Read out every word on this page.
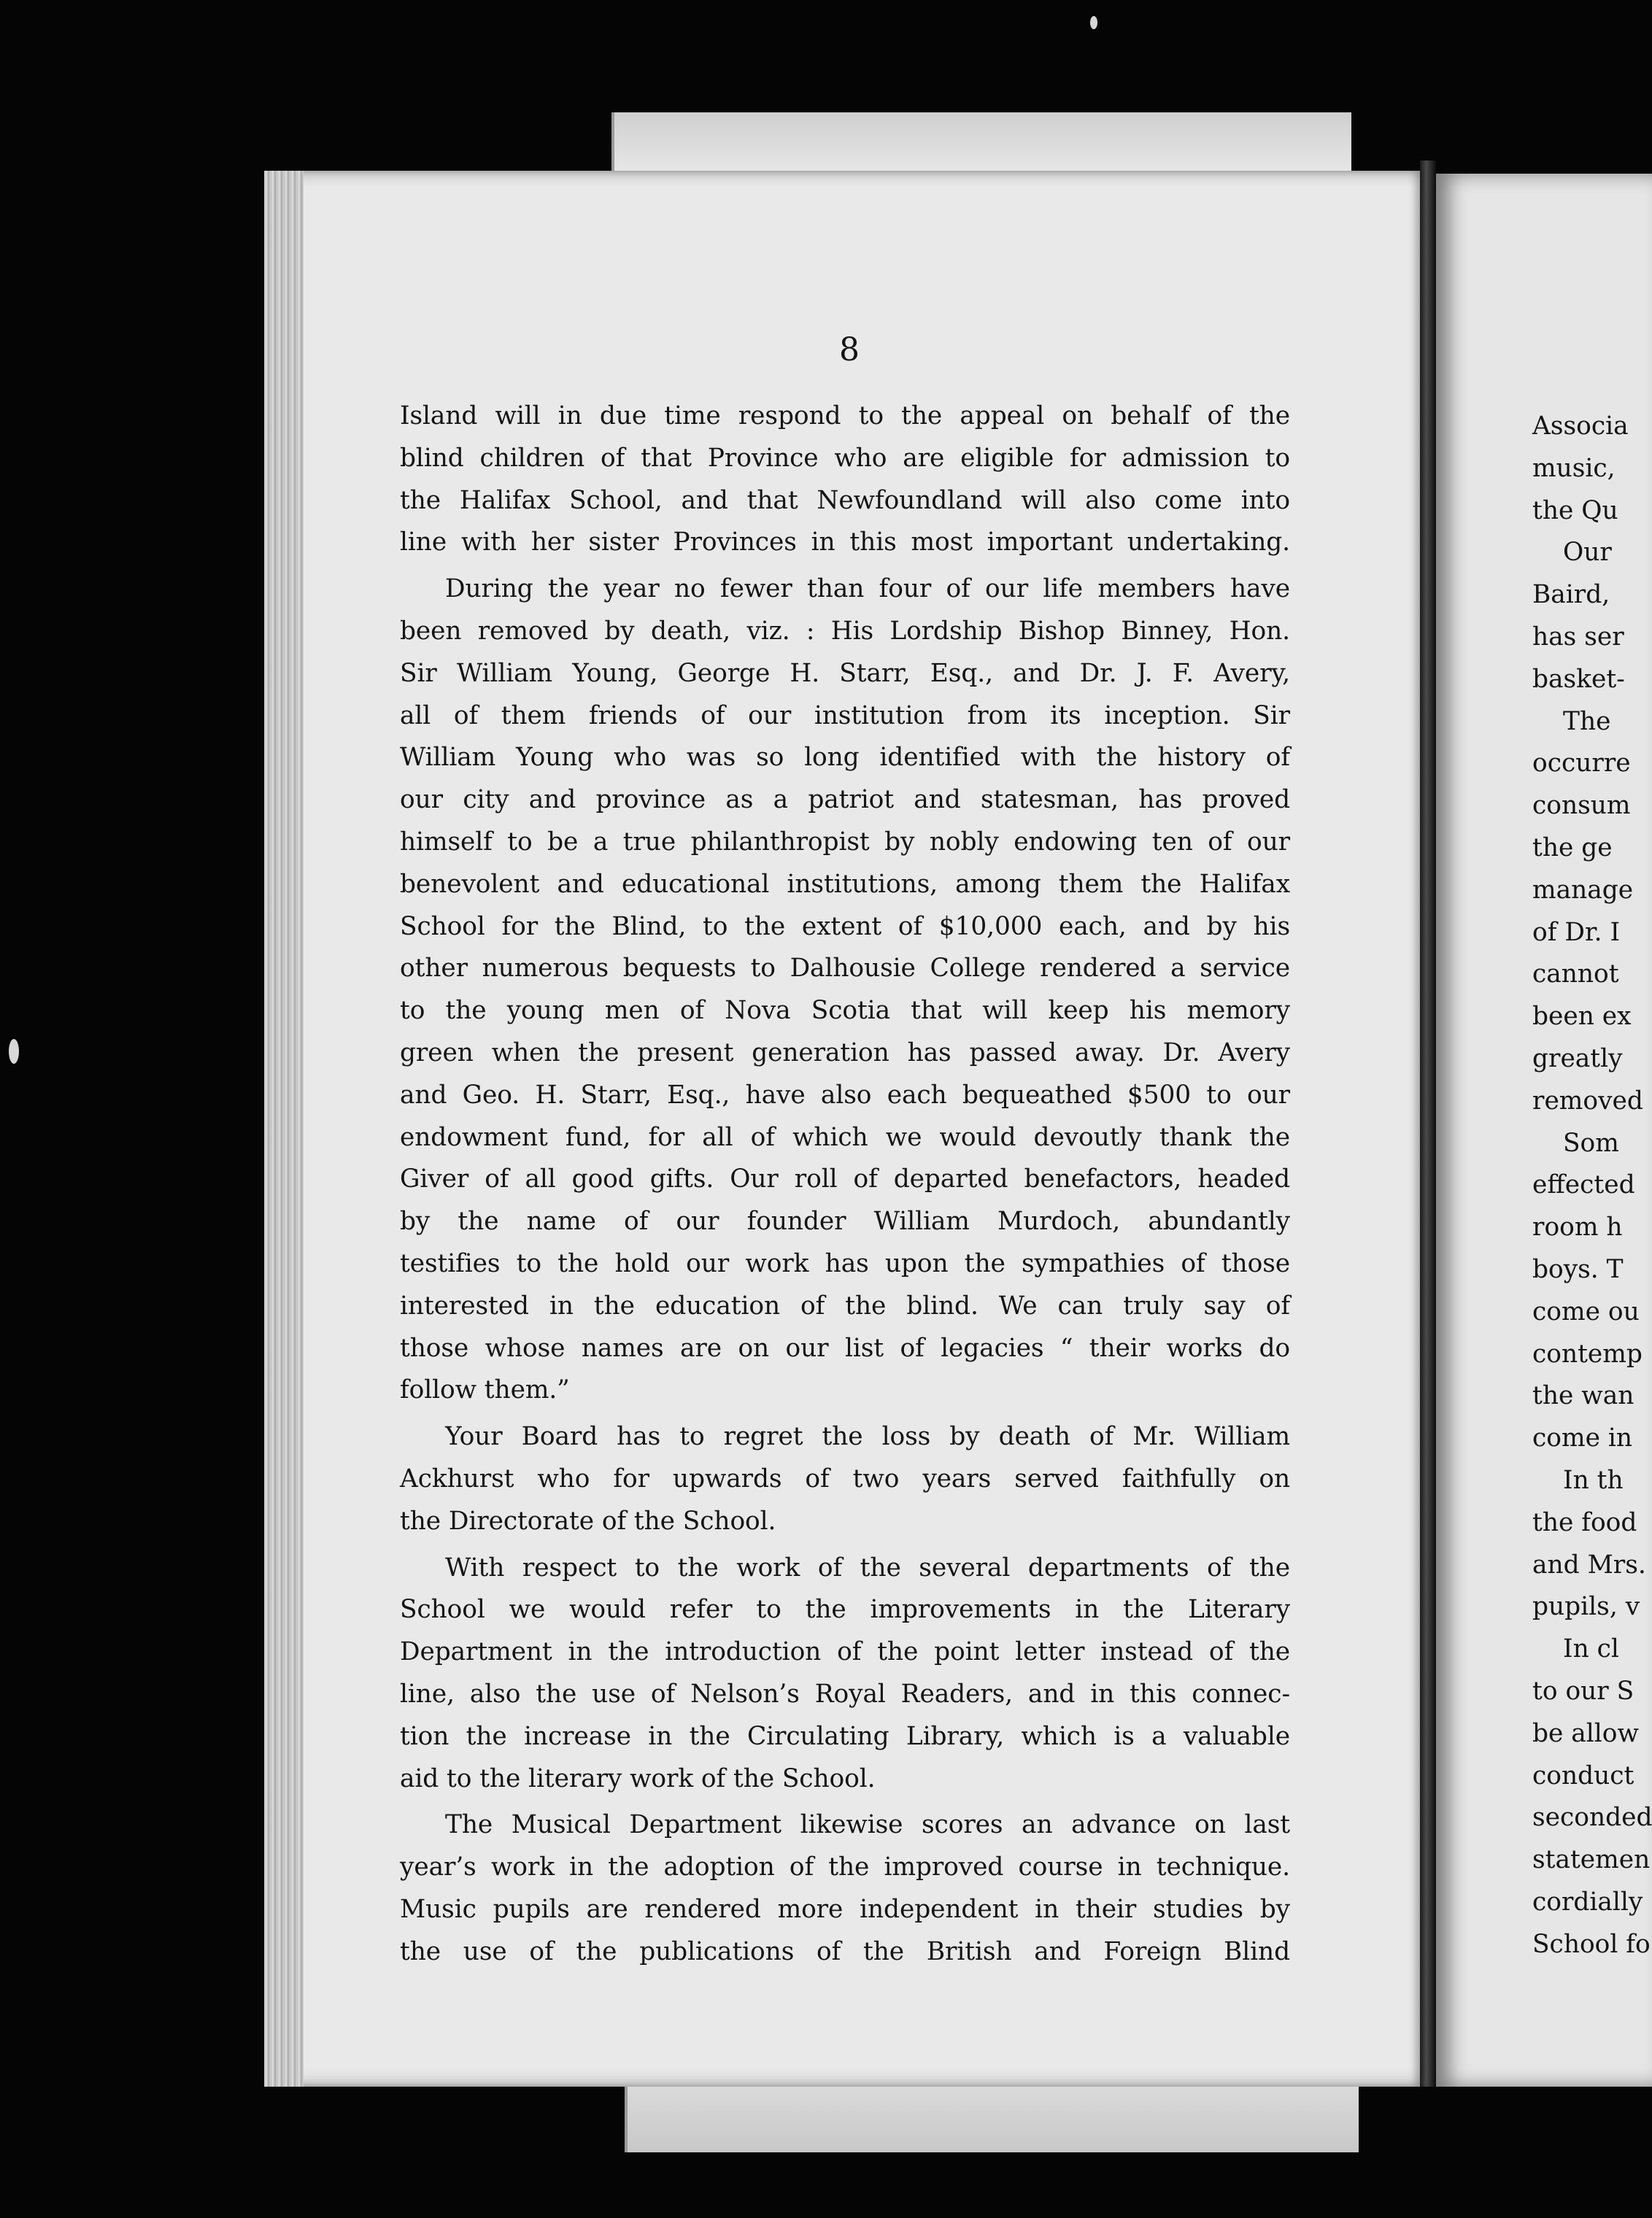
8
Island will in due time respond to the appeal on behalf of the
blind children of that Province who are eligible for admission to
the Halifax School, and that Newfoundland will also come into
line with her sister Provinces in this most important undertaking.
During the year no fewer than four of our life members have
been removed by death, viz. : His Lordship Bishop Binney, Hon.
Sir William Young, George H. Starr, Esq., and Dr. J. F. Avery,
all of them friends of our institution from its inception. Sir
William Young who was so long identified with the history of
our city and province as a patriot and statesman, has proved
himself to be a true philanthropist by nobly endowing ten of our
benevolent and educational institutions, among them the Halifax
School for the Blind, to the extent of $10,000 each, and by his
other numerous bequests to Dalhousie College rendered a service
to the young men of Nova Scotia that will keep his memory
green when the present generation has passed away. Dr. Avery
and Geo. H. Starr, Esq., have also each bequeathed $500 to our
endowment fund, for all of which we would devoutly thank the
Giver of all good gifts. Our roll of departed benefactors, headed
by the name of our founder William Murdoch, abundantly
testifies to the hold our work has upon the sympathies of those
interested in the education of the blind. We can truly say of
those whose names are on our list of legacies “ their works do
follow them.”
Your Board has to regret the loss by death of Mr. William
Ackhurst who for upwards of two years served faithfully on
the Directorate of the School.
With respect to the work of the several departments of the
School we would refer to the improvements in the Literary
Department in the introduction of the point letter instead of the
line, also the use of Nelson’s Royal Readers, and in this connec-
tion the increase in the Circulating Library, which is a valuable
aid to the literary work of the School.
The Musical Department likewise scores an advance on last
year’s work in the adoption of the improved course in technique.
Music pupils are rendered more independent in their studies by
the use of the publications of the British and Foreign Blind
Associa
music,
the Qu
Our
Baird,
has ser
basket-
The
occurre
consum
the ge
manage
of Dr. I
cannot
been ex
greatly
removed
Som
effected
room h
boys. T
come ou
contemp
the wan
come in
In th
the food
and Mrs.
pupils, v
In cl
to our S
be allow
conduct
seconded
statemen
cordially
School fo
